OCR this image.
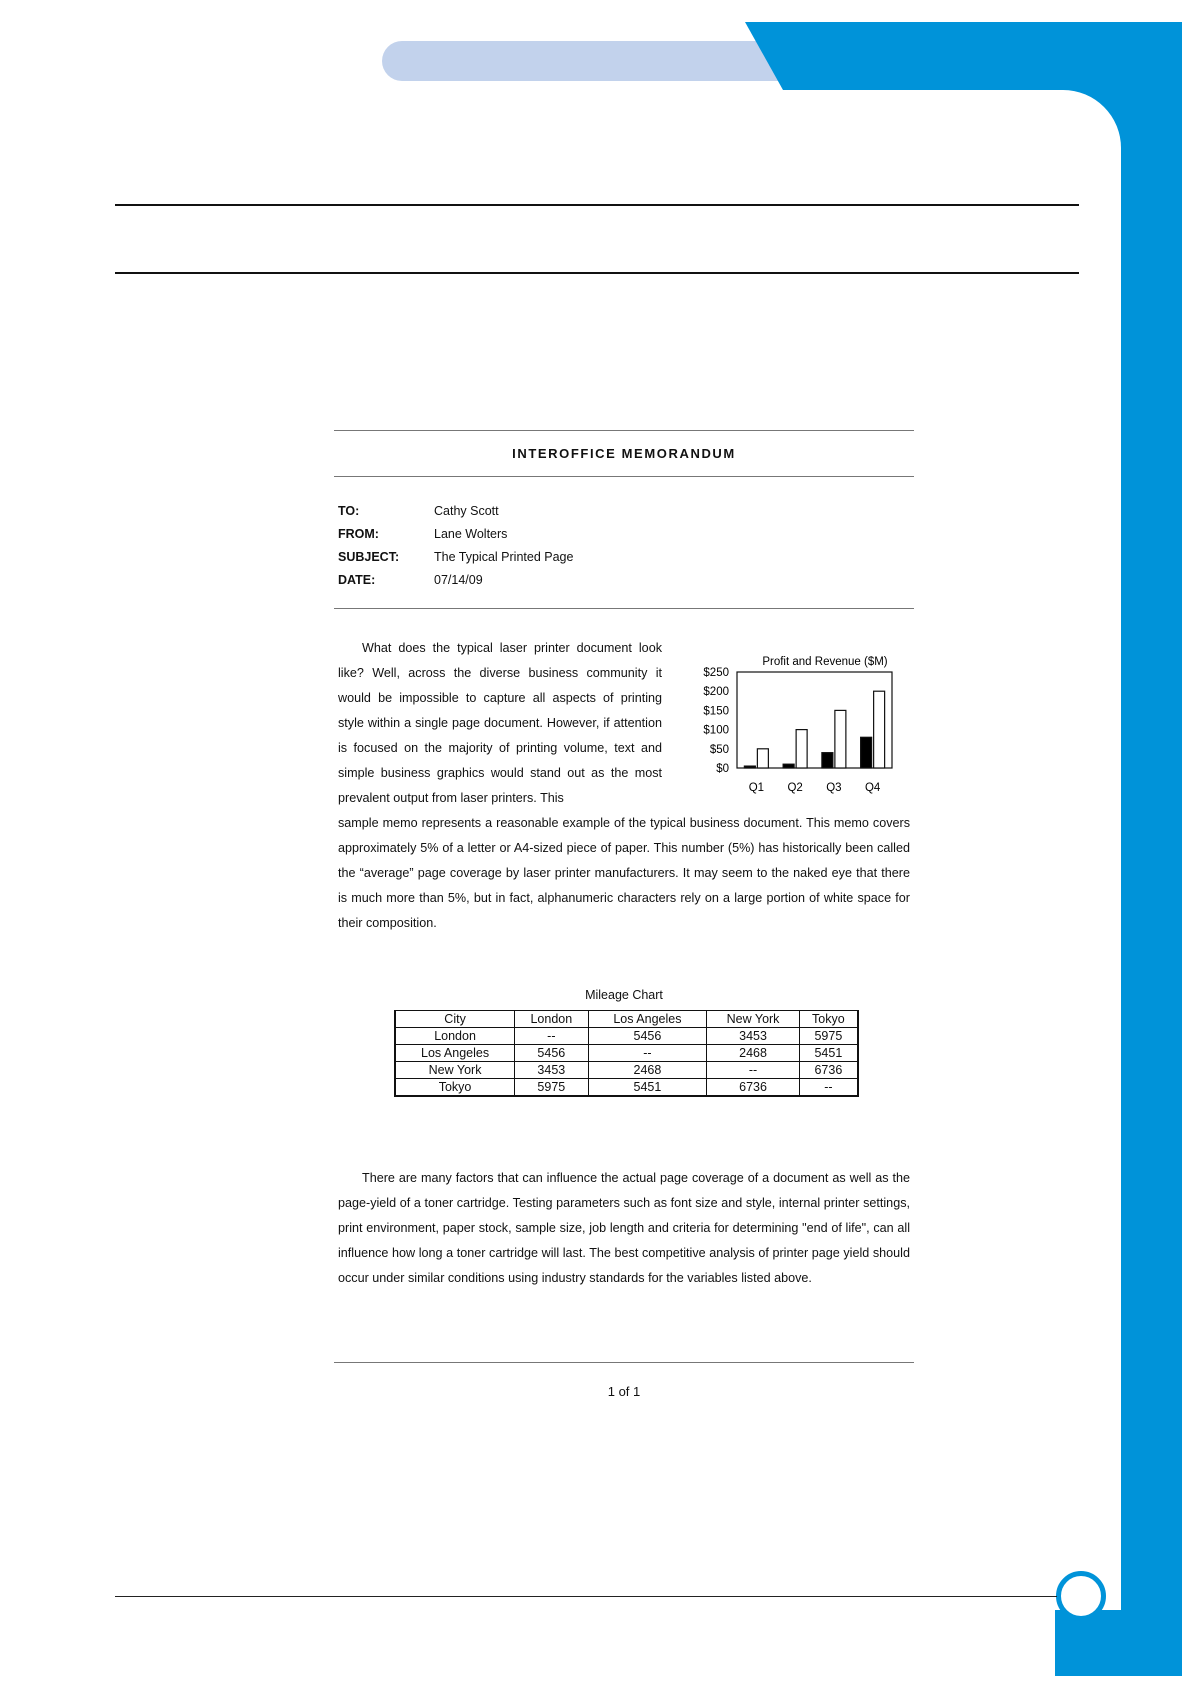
INTEROFFICE MEMORANDUM
TO:	Cathy Scott
FROM:	Lane Wolters
SUBJECT:	The Typical Printed Page
DATE:	07/14/09
What does the typical laser printer document look like? Well, across the diverse business community it would be impossible to capture all aspects of printing style within a single page document. However, if attention is focused on the majority of printing volume, text and simple business graphics would stand out as the most prevalent output from laser printers. This
Profit and Revenue ($M)
$250
$200
$150
$100
$50
$0
Q1 Q2 Q3 Q4
sample memo represents a reasonable example of the typical business document. This memo covers approximately 5% of a letter or A4-sized piece of paper. This number (5%) has historically been called the “average” page coverage by laser printer manufacturers. It may seem to the naked eye that there is much more than 5%, but in fact, alphanumeric characters rely on a large portion of white space for their composition.
Mileage Chart
City	London	Los Angeles	New York	Tokyo
London	--	5456	3453	5975
Los Angeles	5456	--	2468	5451
New York	3453	2468	--	6736
Tokyo	5975	5451	6736	--
There are many factors that can influence the actual page coverage of a document as well as the page-yield of a toner cartridge. Testing parameters such as font size and style, internal printer settings, print environment, paper stock, sample size, job length and criteria for determining "end of life", can all influence how long a toner cartridge will last. The best competitive analysis of printer page yield should occur under similar conditions using industry standards for the variables listed above.
1 of 1
